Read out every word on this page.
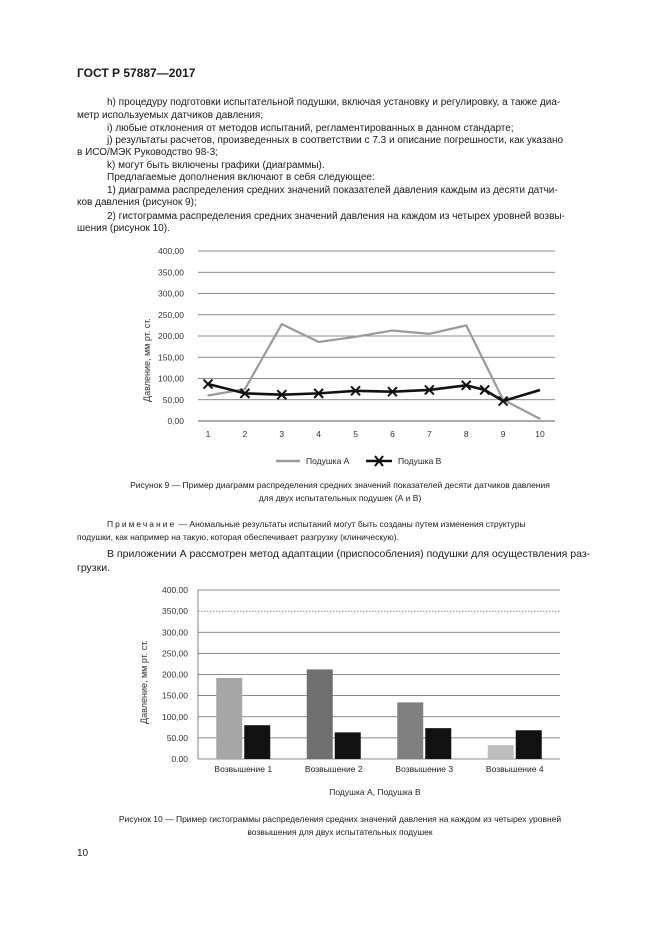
ГОСТ Р 57887—2017
h) процедуру подготовки испытательной подушки, включая установку и регулировку, а также диа-
метр используемых датчиков давления;
i) любые отклонения от методов испытаний, регламентированных в данном стандарте;
j) результаты расчетов, произведенных в соответствии с 7.3 и описание погрешности, как указано
в ИСО/МЭК Руководство 98-3;
k) могут быть включены графики (диаграммы).
Предлагаемые дополнения включают в себя следующее:
1) диаграмма распределения средних значений показателей давления каждым из десяти датчи-
ков давления (рисунок 9);
2) гистограмма распределения средних значений давления на каждом из четырех уровней возвы-
шения (рисунок 10).
0,00
50,00
100,00
150,00
200,00
250,00
300,00
350,00
400,00
1	2	3	4	5	6	7	8	9	10
Давление, мм рт. ст.
Подушка А	Подушка В
Рисунок 9 — Пример диаграмм распределения средних значений показателей десяти датчиков давления
для двух испытательных подушек (А и В)
Примечание — Аномальные результаты испытаний могут быть созданы путем изменения структуры
подушки, как например на такую, которая обеспечивает разгрузку (клиническую).
В приложении А рассмотрен метод адаптации (приспособления) подушки для осуществления раз-
грузки.
0.00
50.00
100,00
150,00
200,00
250,00
300,00
350,00
400.00
Возвышение 1	Возвышение 2	Возвышение 3	Возвышение 4
Давление, мм рт. ст.
Подушка А, Подушка В
Рисунок 10 — Пример гистограммы распределения средних значений давления на каждом из четырех уровней
возвышения для двух испытательных подушек
10
